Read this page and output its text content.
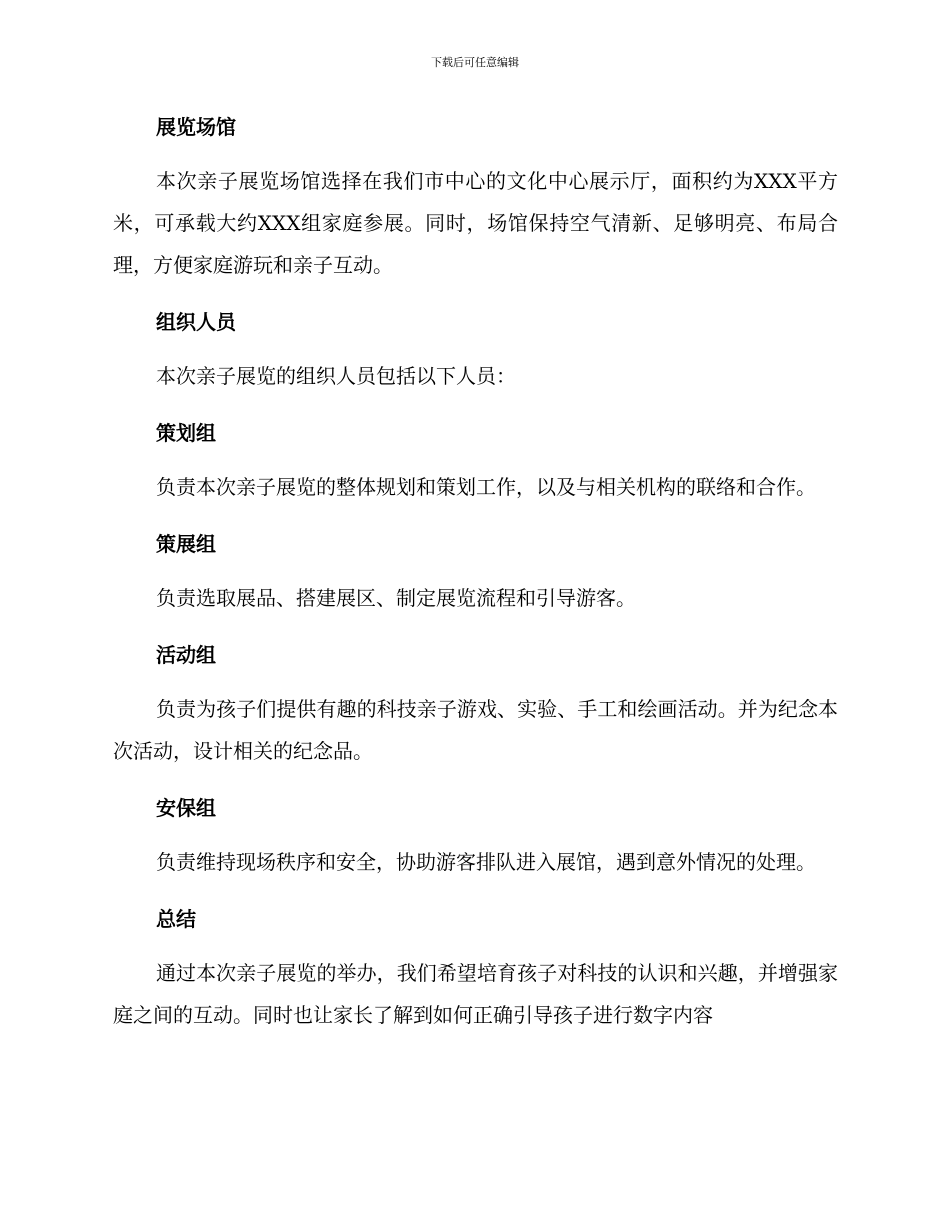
下载后可任意编辑
展览场馆

本次亲子展览场馆选择在我们市中心的文化中心展示厅，面积约为XXX平方米，可承载大约XXX组家庭参展。同时，场馆保持空气清新、足够明亮、布局合理，方便家庭游玩和亲子互动。

组织人员

本次亲子展览的组织人员包括以下人员：

策划组

负责本次亲子展览的整体规划和策划工作，以及与相关机构的联络和合作。

策展组

负责选取展品、搭建展区、制定展览流程和引导游客。

活动组

负责为孩子们提供有趣的科技亲子游戏、实验、手工和绘画活动。并为纪念本次活动，设计相关的纪念品。

安保组

负责维持现场秩序和安全，协助游客排队进入展馆，遇到意外情况的处理。

总结

通过本次亲子展览的举办，我们希望培育孩子对科技的认识和兴趣，并增强家庭之间的互动。同时也让家长了解到如何正确引导孩子进行数字内容
